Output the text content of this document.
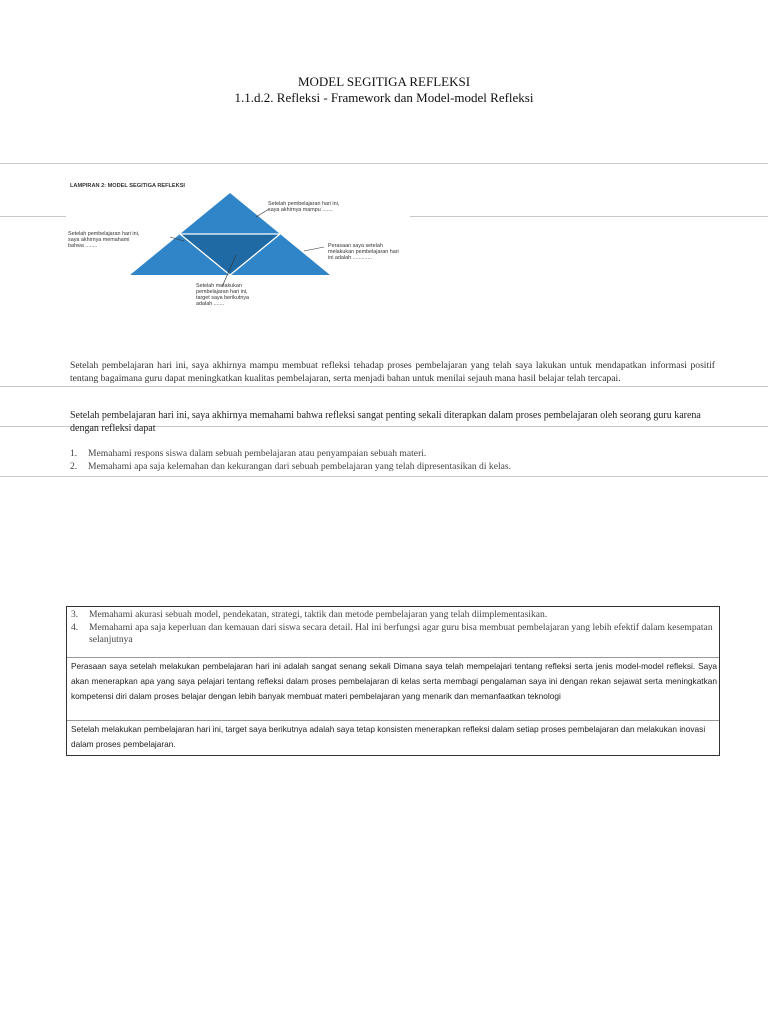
MODEL SEGITIGA REFLEKSI
1.1.d.2. Refleksi - Framework dan Model-model Refleksi
LAMPIRAN 2: MODEL SEGITIGA REFLEKSI
Setelah pembelajaran hari ini, saya akhirnya mampu .......
Setelah pembelajaran hari ini, saya akhirnya memahami bahwa ........	Perasaan saya setelah melakukan pembelajaran hari ini adalah .............
Setelah melakukan pembelajaran hari ini, target saya berikutnya adalah .......
Setelah pembelajaran hari ini, saya akhirnya mampu membuat refleksi tehadap proses pembelajaran yang telah saya lakukan untuk mendapatkan informasi positif tentang bagaimana guru dapat meningkatkan kualitas pembelajaran, serta menjadi bahan untuk menilai sejauh mana hasil belajar telah tercapai.
Setelah pembelajaran hari ini, saya akhirnya memahami bahwa refleksi sangat penting sekali diterapkan dalam proses pembelajaran oleh seorang guru karena dengan refleksi dapat
1.	Memahami respons siswa dalam sebuah pembelajaran atau penyampaian sebuah materi.
2.	Memahami apa saja kelemahan dan kekurangan dari sebuah pembelajaran yang telah dipresentasikan di kelas.
3.	Memahami akurasi sebuah model, pendekatan, strategi, taktik dan metode pembelajaran yang telah diimplementasikan.
4.	Memahami apa saja keperluan dan kemauan dari siswa secara detail. Hal ini berfungsi agar guru bisa membuat pembelajaran yang lebih efektif dalam kesempatan selanjutnya
Perasaan saya setelah melakukan pembelajaran hari ini adalah sangat senang sekali Dimana saya telah mempelajari tentang refleksi serta jenis model-model refleksi. Saya akan menerapkan apa yang saya pelajari tentang refleksi dalam proses pembelajaran di kelas serta membagi pengalaman saya ini dengan rekan sejawat serta meningkatkan kompetensi diri dalam proses belajar dengan lebih banyak membuat materi pembelajaran yang menarik dan memanfaatkan teknologi
Setelah melakukan pembelajaran hari ini, target saya berikutnya adalah saya tetap konsisten menerapkan refleksi dalam setiap proses pembelajaran dan melakukan inovasi dalam proses pembelajaran.
